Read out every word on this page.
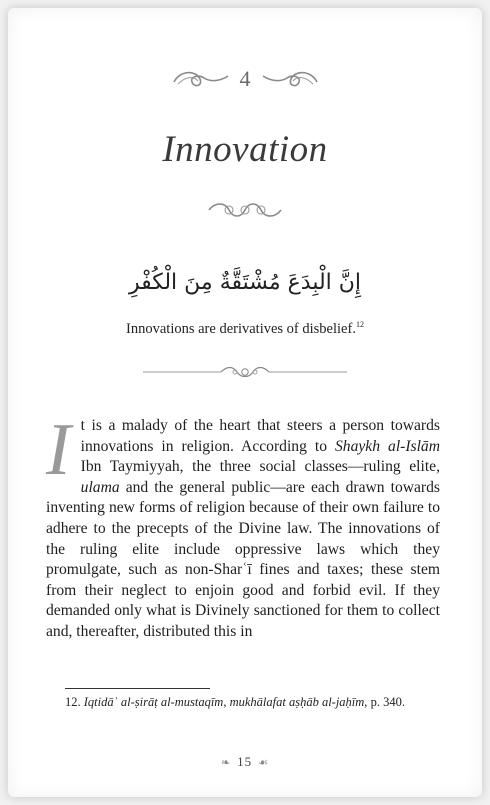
4
Innovation
إِنَّ الْبِدَعَ مُشْتَقَّةٌ مِنَ الْكُفْرِ
Innovations are derivatives of disbelief.$^{12}$

It is a malady of the heart that steers a person towards innovations in religion. According to Shaykh al-Islām Ibn Taymiyyah, the three social classes—ruling elite, ulama and the general public—are each drawn towards inventing new forms of religion because of their own failure to adhere to the precepts of the Divine law. The innovations of the ruling elite include oppressive laws which they promulgate, such as non-Sharʿī fines and taxes; these stem from their neglect to enjoin good and forbid evil. If they demanded only what is Divinely sanctioned for them to collect and, thereafter, distributed this in

12. Iqtidāʾ al-ṣirāṭ al-mustaqīm, mukhālafat aṣḥāb al-jaḥīm, p. 340.

❧ 15 ☙
